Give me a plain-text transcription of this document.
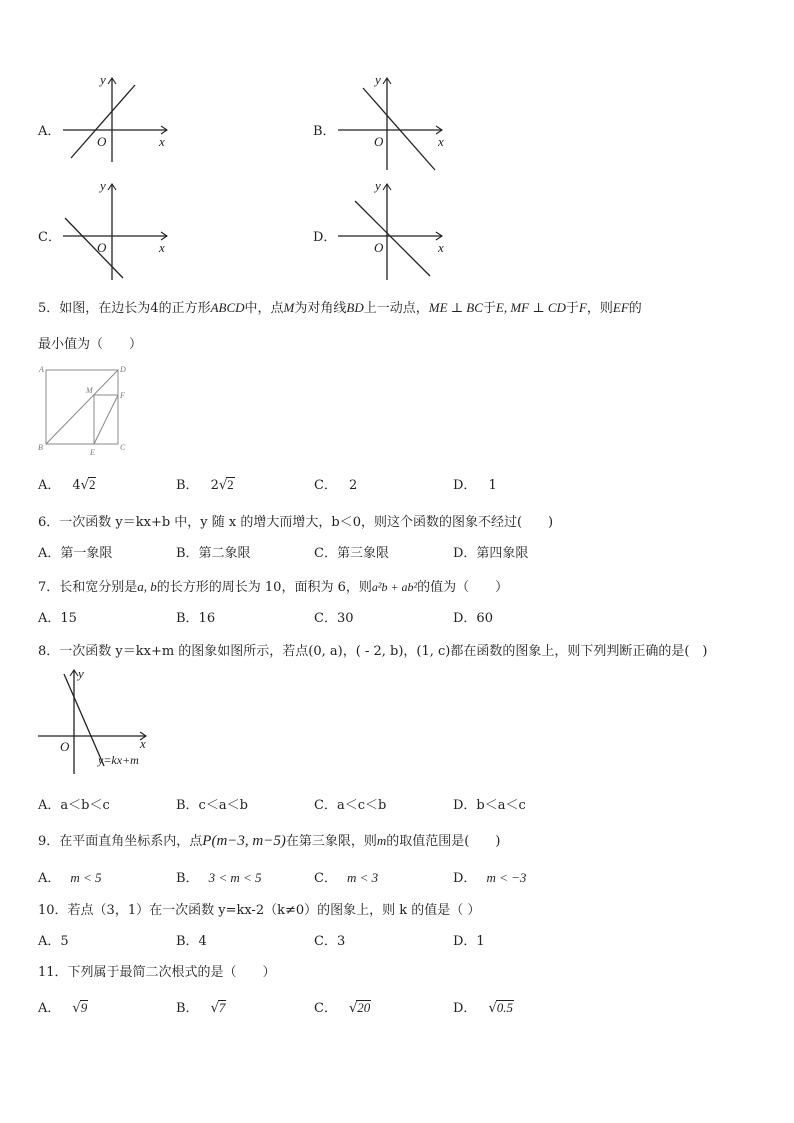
A．
x
y
O
B．
x
y
O
C．
x
y
O
D．
x
y
O
5．如图，在边长为4的正方形ABCD中，点M为对角线BD上一动点，ME ⊥ BC于E, MF ⊥ CD于F，则EF的
最小值为（　　）
A	D
M
F
B
E
C
A． 4√2	B． 2√2	C． 2	D． 1
6．一次函数 y＝kx+b 中，y 随 x 的增大而增大，b＜0，则这个函数的图象不经过(　　)
A．第一象限	B．第二象限	C．第三象限	D．第四象限
7．长和宽分别是a, b的长方形的周长为 10，面积为 6，则a²b + ab²的值为（　　）
A．15	B．16	C．30	D．60
8．一次函数 y＝kx+m 的图象如图所示，若点(0, a)，( - 2, b)，(1, c)都在函数的图象上，则下列判断正确的是(　)
x
y
O
y=kx+m
A．a＜b＜c	B．c＜a＜b	C．a＜c＜b	D．b＜a＜c
9．在平面直角坐标系内，点P(m−3, m−5)在第三象限，则m的取值范围是(　　)
A． m < 5	B． 3 < m < 5	C． m < 3	D． m < −3
10．若点（3，1）在一次函数 y=kx-2（k≠0）的图象上，则 k 的值是（ ）
A．5	B．4	C．3	D．1
11．下列属于最简二次根式的是（　　）
A． √9	B． √7	C． √20	D． √0.5
